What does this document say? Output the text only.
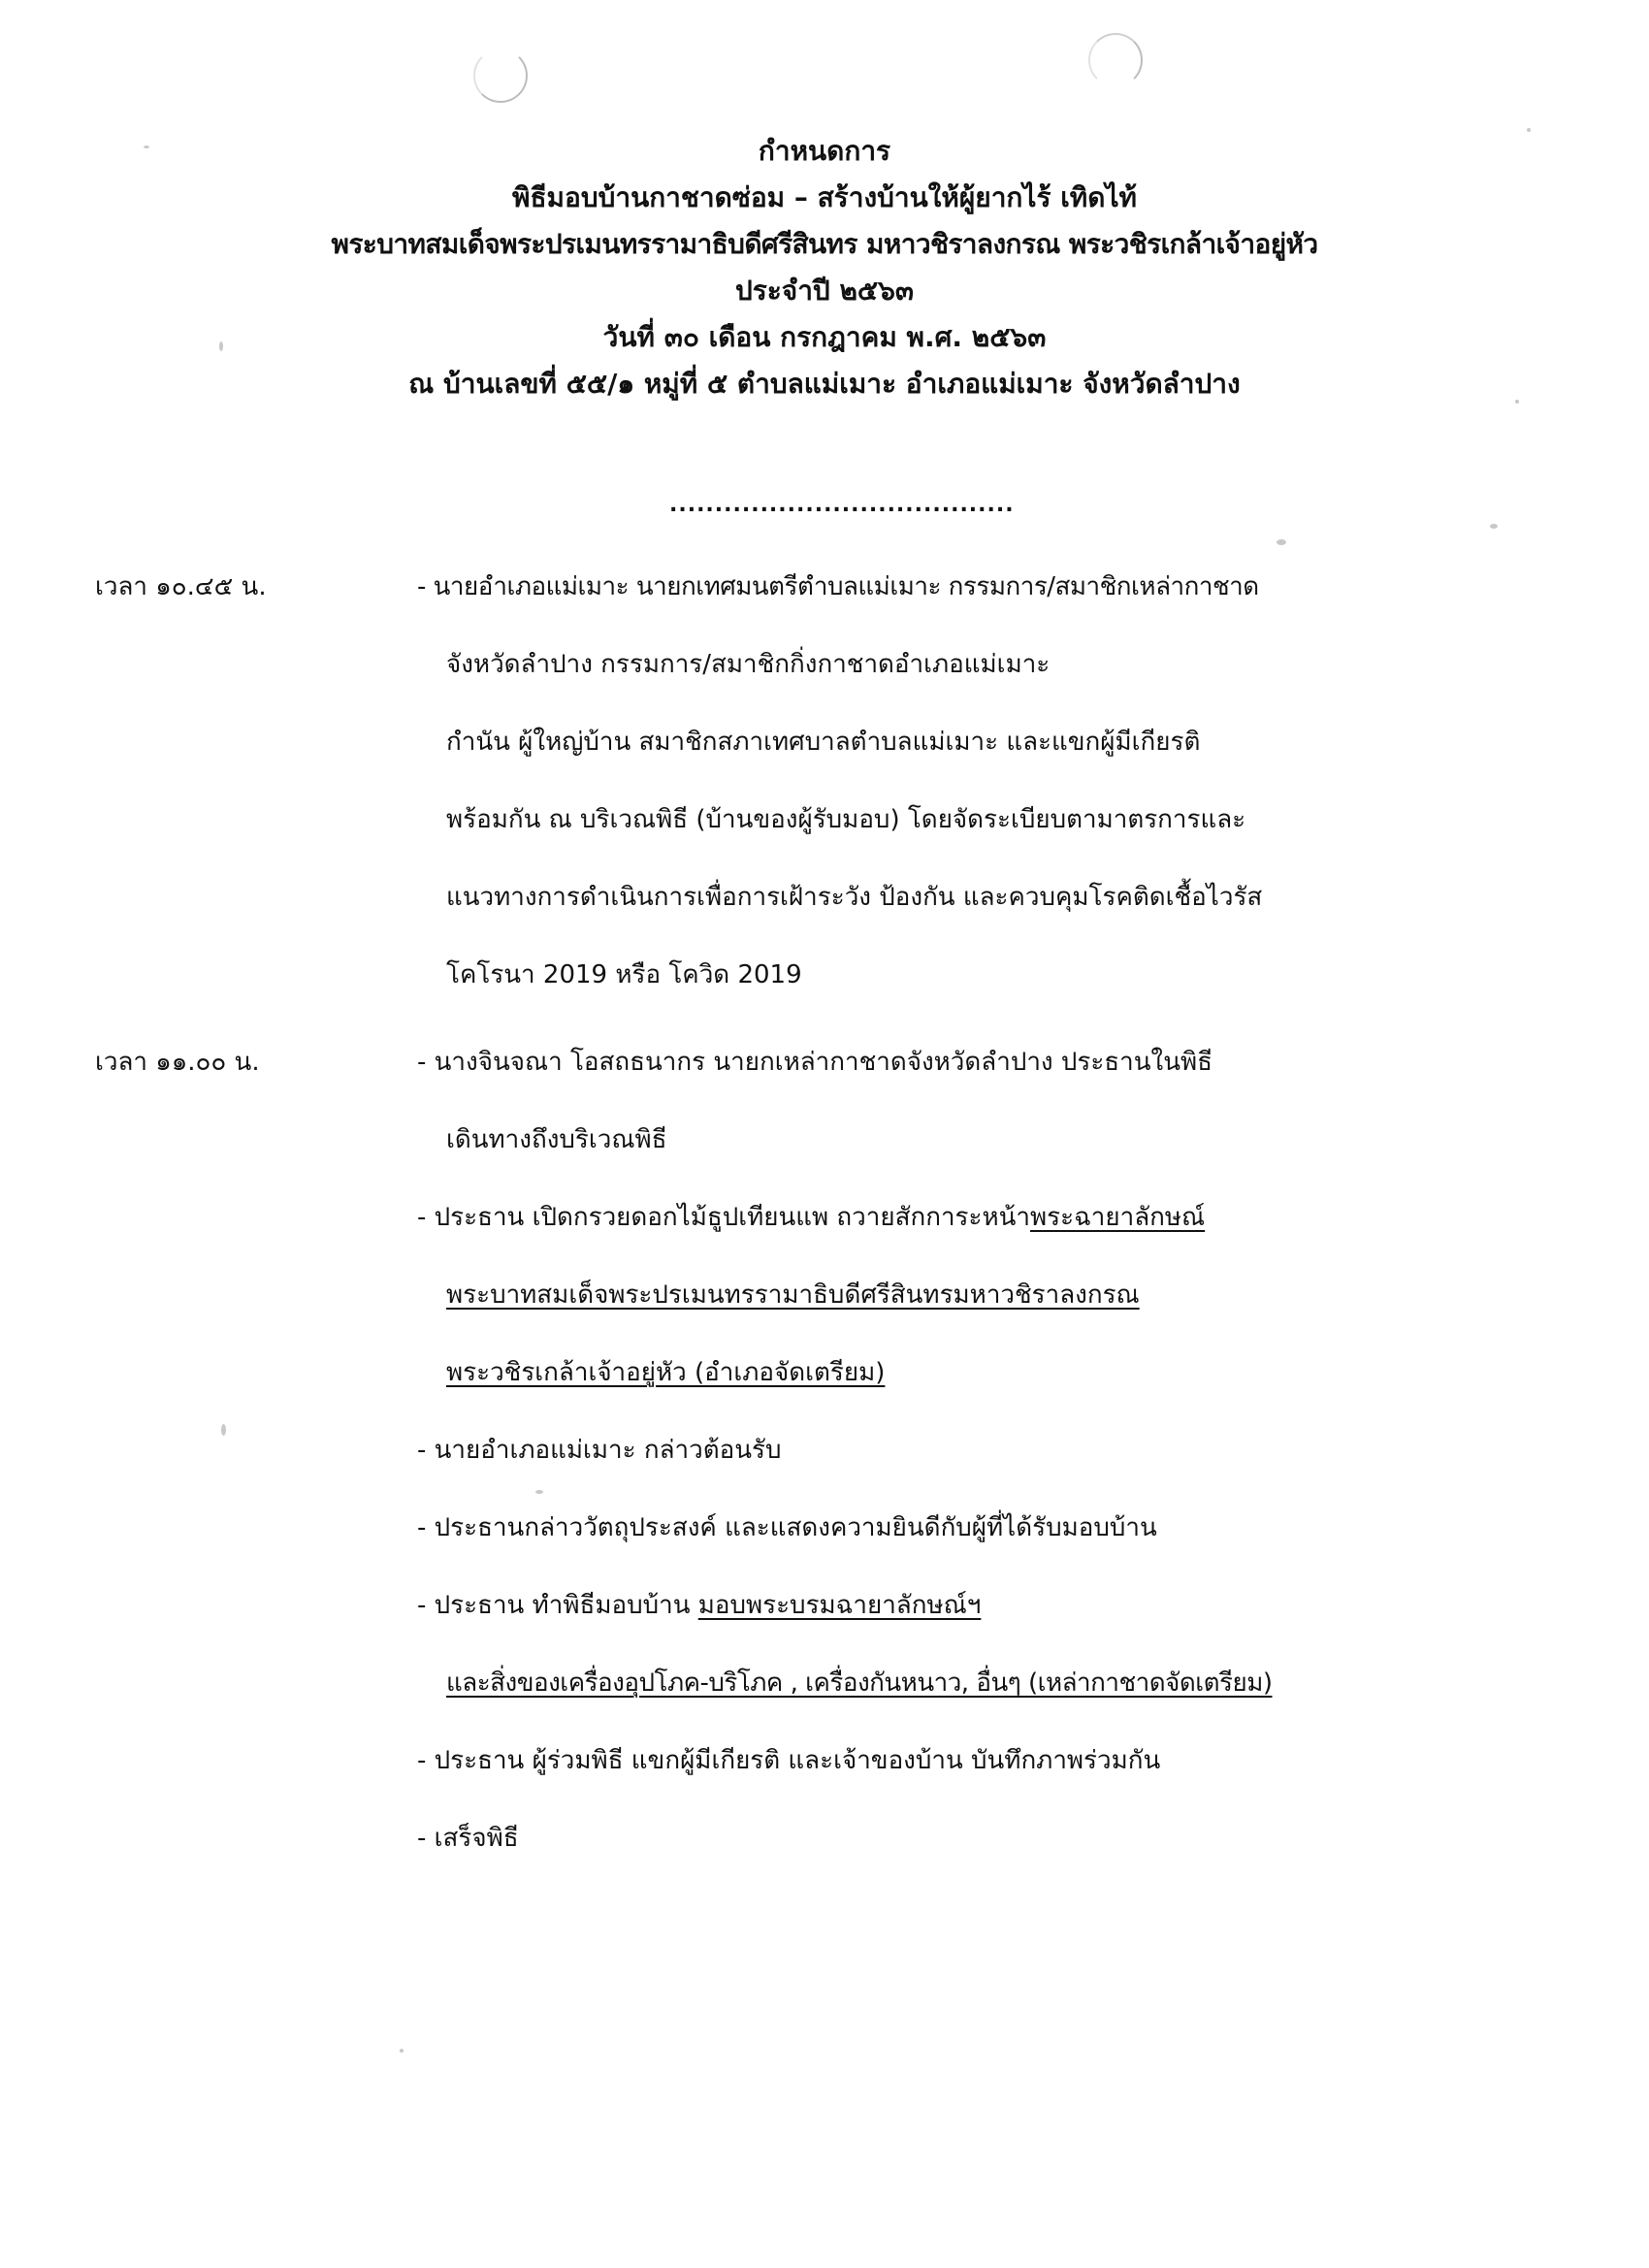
กำหนดการ
พิธีมอบบ้านกาชาดซ่อม – สร้างบ้านให้ผู้ยากไร้ เทิดไท้
พระบาทสมเด็จพระปรเมนทรรามาธิบดีศรีสินทร มหาวชิราลงกรณ พระวชิรเกล้าเจ้าอยู่หัว
ประจำปี ๒๕๖๓
วันที่ ๓๐ เดือน กรกฎาคม พ.ศ. ๒๕๖๓
ณ บ้านเลขที่ ๕๕/๑ หมู่ที่ ๕ ตำบลแม่เมาะ อำเภอแม่เมาะ จังหวัดลำปาง
......................................
เวลา ๑๐.๔๕ น.	- นายอำเภอแม่เมาะ นายกเทศมนตรีตำบลแม่เมาะ กรรมการ/สมาชิกเหล่ากาชาด
จังหวัดลำปาง กรรมการ/สมาชิกกิ่งกาชาดอำเภอแม่เมาะ
กำนัน ผู้ใหญ่บ้าน สมาชิกสภาเทศบาลตำบลแม่เมาะ และแขกผู้มีเกียรติ
พร้อมกัน ณ บริเวณพิธี (บ้านของผู้รับมอบ) โดยจัดระเบียบตามาตรการและ
แนวทางการดำเนินการเพื่อการเฝ้าระวัง ป้องกัน และควบคุมโรคติดเชื้อไวรัส
โคโรนา 2019 หรือ โควิด 2019
เวลา ๑๑.๐๐ น.	- นางจินจณา โอสถธนากร นายกเหล่ากาชาดจังหวัดลำปาง ประธานในพิธี
เดินทางถึงบริเวณพิธี
- ประธาน เปิดกรวยดอกไม้ธูปเทียนแพ ถวายสักการะหน้าพระฉายาลักษณ์
พระบาทสมเด็จพระปรเมนทรรามาธิบดีศรีสินทรมหาวชิราลงกรณ
พระวชิรเกล้าเจ้าอยู่หัว (อำเภอจัดเตรียม)
- นายอำเภอแม่เมาะ กล่าวต้อนรับ
- ประธานกล่าววัตถุประสงค์ และแสดงความยินดีกับผู้ที่ได้รับมอบบ้าน
- ประธาน ทำพิธีมอบบ้าน มอบพระบรมฉายาลักษณ์ฯ
และสิ่งของเครื่องอุปโภค-บริโภค , เครื่องกันหนาว, อื่นๆ (เหล่ากาชาดจัดเตรียม)
- ประธาน ผู้ร่วมพิธี แขกผู้มีเกียรติ และเจ้าของบ้าน บันทึกภาพร่วมกัน
- เสร็จพิธี
